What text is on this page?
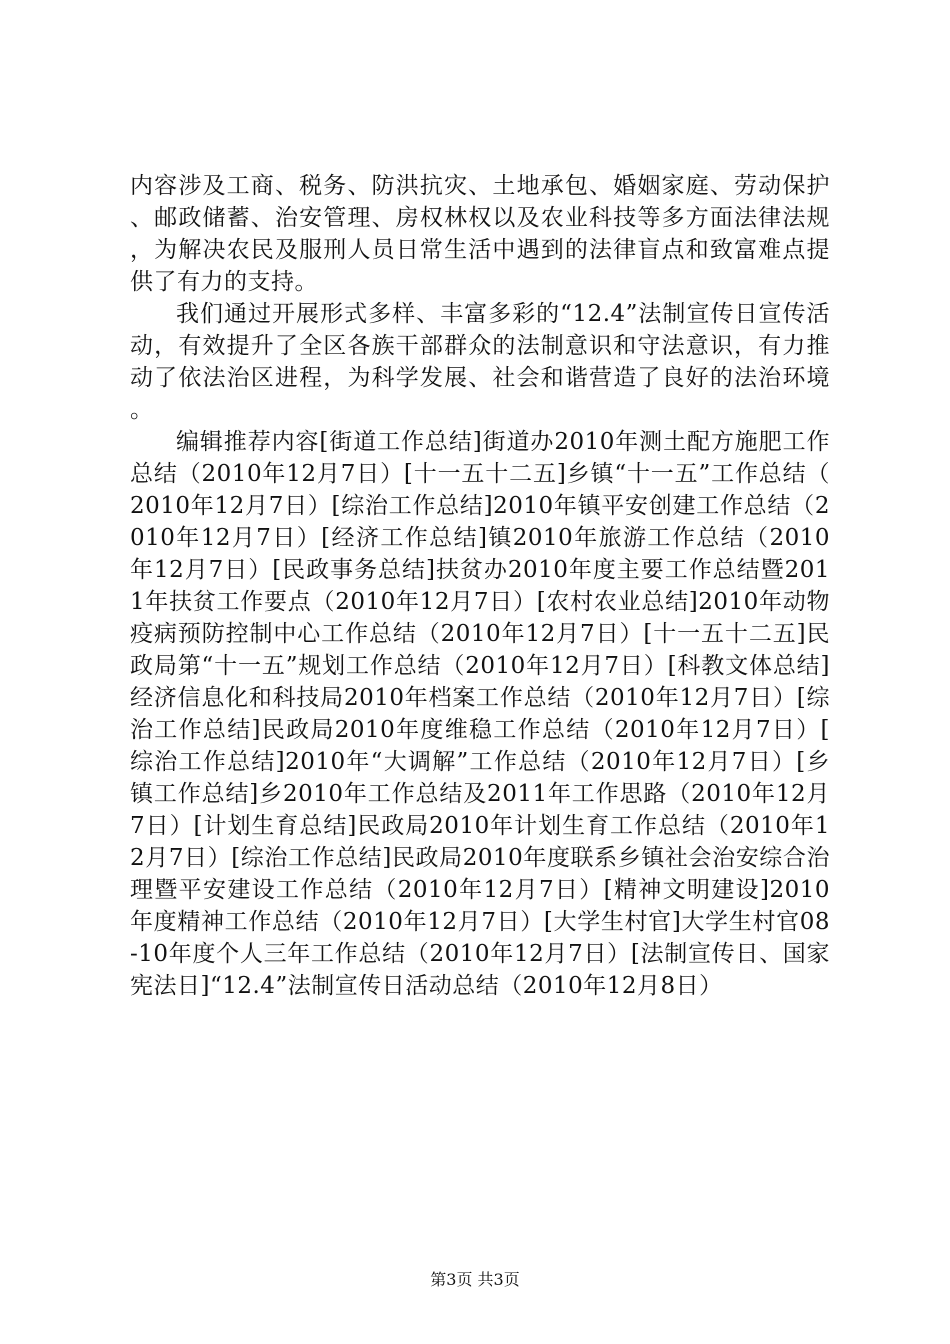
内容涉及工商、税务、防洪抗灾、土地承包、婚姻家庭、劳动保护、邮政储蓄、治安管理、房权林权以及农业科技等多方面法律法规，为解决农民及服刑人员日常生活中遇到的法律盲点和致富难点提供了有力的支持。

我们通过开展形式多样、丰富多彩的“12.4”法制宣传日宣传活动，有效提升了全区各族干部群众的法制意识和守法意识，有力推动了依法治区进程，为科学发展、社会和谐营造了良好的法治环境。

编辑推荐内容[街道工作总结]街道办2010年测土配方施肥工作总结（2010年12月7日）[十一五十二五]乡镇“十一五”工作总结（2010年12月7日）[综治工作总结]2010年镇平安创建工作总结（2010年12月7日）[经济工作总结]镇2010年旅游工作总结（2010年12月7日）[民政事务总结]扶贫办2010年度主要工作总结暨2011年扶贫工作要点（2010年12月7日）[农村农业总结]2010年动物疫病预防控制中心工作总结（2010年12月7日）[十一五十二五]民政局第“十一五”规划工作总结（2010年12月7日）[科教文体总结]经济信息化和科技局2010年档案工作总结（2010年12月7日）[综治工作总结]民政局2010年度维稳工作总结（2010年12月7日）[综治工作总结]2010年“大调解”工作总结（2010年12月7日）[乡镇工作总结]乡2010年工作总结及2011年工作思路（2010年12月7日）[计划生育总结]民政局2010年计划生育工作总结（2010年12月7日）[综治工作总结]民政局2010年度联系乡镇社会治安综合治理暨平安建设工作总结（2010年12月7日）[精神文明建设]2010年度精神工作总结（2010年12月7日）[大学生村官]大学生村官08-10年度个人三年工作总结（2010年12月7日）[法制宣传日、国家宪法日]“12.4”法制宣传日活动总结（2010年12月8日）

第3页 共3页
